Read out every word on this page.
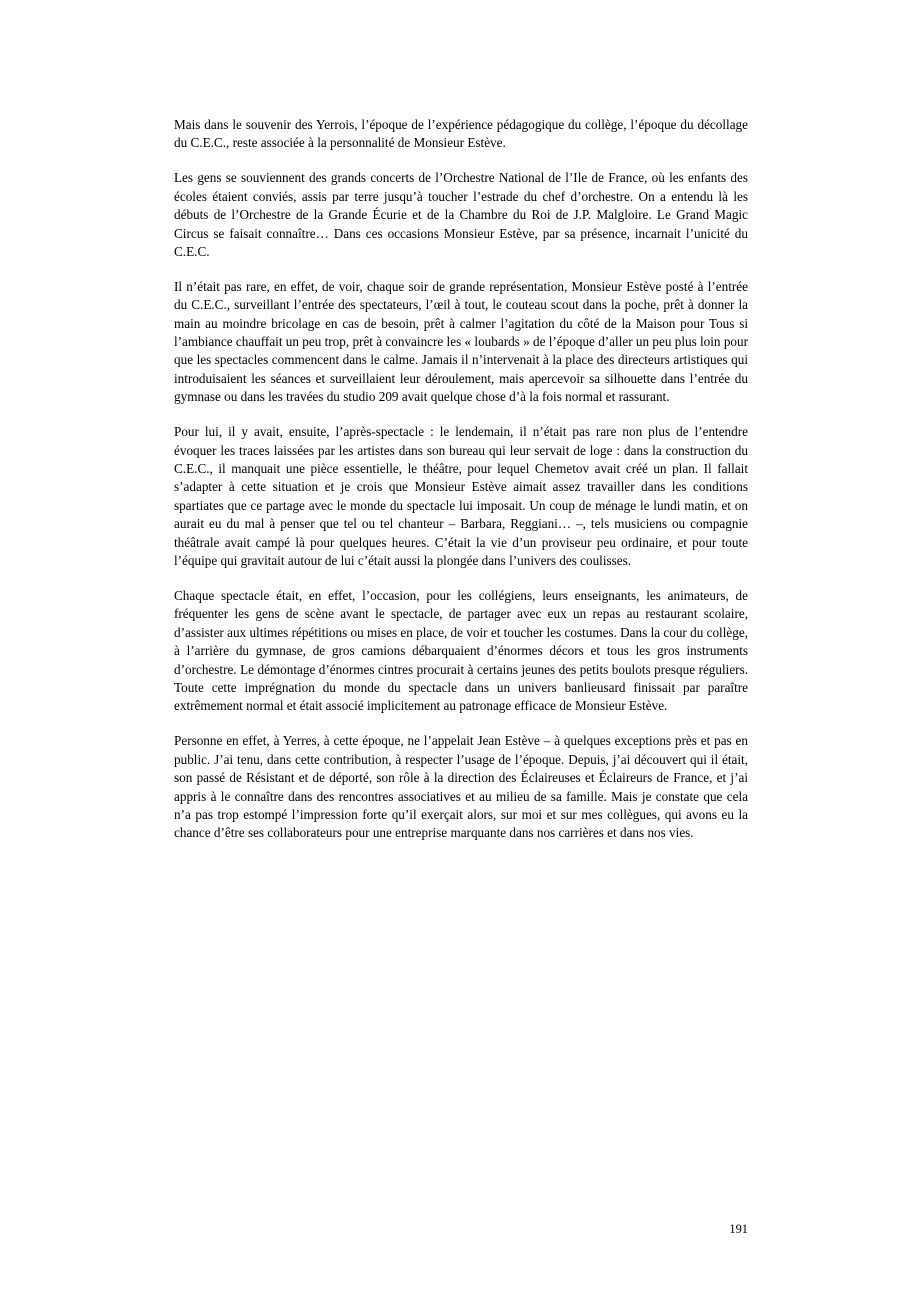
Mais dans le souvenir des Yerrois, l’époque de l’expérience pédagogique du collège, l’époque du décollage du C.E.C., reste associée à la personnalité de Monsieur Estève.

Les gens se souviennent des grands concerts de l’Orchestre National de l’Ile de France, où les enfants des écoles étaient conviés, assis par terre jusqu’à toucher l’estrade du chef d’orchestre. On a entendu là les débuts de l’Orchestre de la Grande Écurie et de la Chambre du Roi de J.P. Malgloire. Le Grand Magic Circus se faisait connaître… Dans ces occasions Monsieur Estève, par sa présence, incarnait l’unicité du C.E.C.

Il n’était pas rare, en effet, de voir, chaque soir de grande représentation, Monsieur Estève posté à l’entrée du C.E.C., surveillant l’entrée des spectateurs, l’œil à tout, le couteau scout dans la poche, prêt à donner la main au moindre bricolage en cas de besoin, prêt à calmer l’agitation du côté de la Maison pour Tous si l’ambiance chauffait un peu trop, prêt à convaincre les « loubards » de l’époque d’aller un peu plus loin pour que les spectacles commencent dans le calme. Jamais il n’intervenait à la place des directeurs artistiques qui introduisaient les séances et surveillaient leur déroulement, mais apercevoir sa silhouette dans l’entrée du gymnase ou dans les travées du studio 209 avait quelque chose d’à la fois normal et rassurant.

Pour lui, il y avait, ensuite, l’après-spectacle : le lendemain, il n’était pas rare non plus de l’entendre évoquer les traces laissées par les artistes dans son bureau qui leur servait de loge : dans la construction du C.E.C., il manquait une pièce essentielle, le théâtre, pour lequel Chemetov avait créé un plan. Il fallait s’adapter à cette situation et je crois que Monsieur Estève aimait assez travailler dans les conditions spartiates que ce partage avec le monde du spectacle lui imposait. Un coup de ménage le lundi matin, et on aurait eu du mal à penser que tel ou tel chanteur – Barbara, Reggiani… –, tels musiciens ou compagnie théâtrale avait campé là pour quelques heures. C’était la vie d’un proviseur peu ordinaire, et pour toute l’équipe qui gravitait autour de lui c’était aussi la plongée dans l’univers des coulisses.

Chaque spectacle était, en effet, l’occasion, pour les collégiens, leurs enseignants, les animateurs, de fréquenter les gens de scène avant le spectacle, de partager avec eux un repas au restaurant scolaire, d’assister aux ultimes répétitions ou mises en place, de voir et toucher les costumes. Dans la cour du collège, à l’arrière du gymnase, de gros camions débarquaient d’énormes décors et tous les gros instruments d’orchestre. Le démontage d’énormes cintres procurait à certains jeunes des petits boulots presque réguliers. Toute cette imprégnation du monde du spectacle dans un univers banlieusard finissait par paraître extrêmement normal et était associé implicitement au patronage efficace de Monsieur Estève.

Personne en effet, à Yerres, à cette époque, ne l’appelait Jean Estève – à quelques exceptions près et pas en public. J’ai tenu, dans cette contribution, à respecter l’usage de l’époque. Depuis, j’ai découvert qui il était, son passé de Résistant et de déporté, son rôle à la direction des Éclaireuses et Éclaireurs de France, et j’ai appris à le connaître dans des rencontres associatives et au milieu de sa famille. Mais je constate que cela n’a pas trop estompé l’impression forte qu’il exerçait alors, sur moi et sur mes collègues, qui avons eu la chance d’être ses collaborateurs pour une entreprise marquante dans nos carrières et dans nos vies.

191
